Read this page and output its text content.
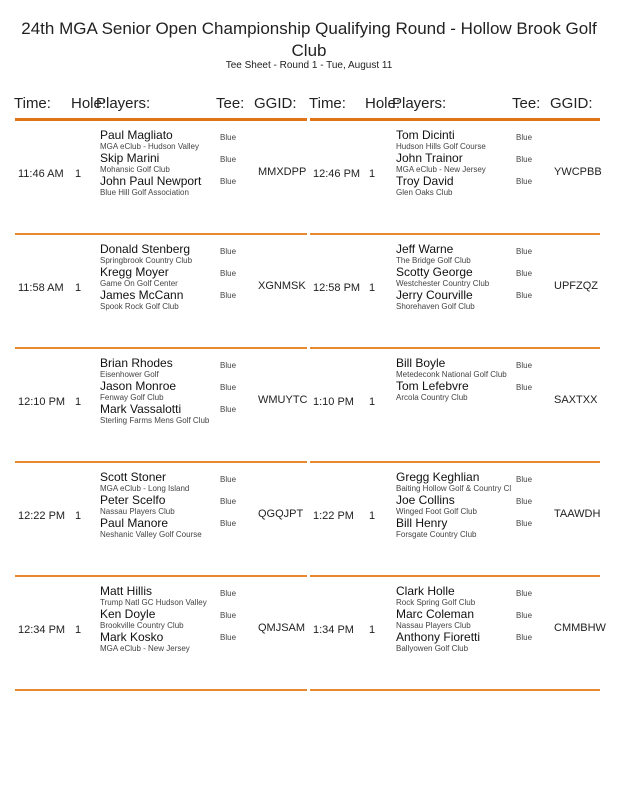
24th MGA Senior Open Championship Qualifying Round - Hollow Brook Golf Club
Tee Sheet - Round 1 - Tue, August 11
Time: Hole:
Players:	Tee: GGID:
11:46 AM 1
Paul Magliato
MGA eClub - Hudson Valley
Skip Marini
Mohansic Golf Club
John Paul Newport
Blue Hill Golf Association
Blue
Blue
Blue
MMXDPP
11:58 AM 1
Donald Stenberg
Springbrook Country Club
Kregg Moyer
Game On Golf Center
James McCann
Spook Rock Golf Club
Blue
Blue
Blue
XGNMSK
12:10 PM 1
Brian Rhodes
Eisenhower Golf
Jason Monroe
Fenway Golf Club
Mark Vassalotti
Sterling Farms Mens Golf Club
Blue
Blue
Blue
WMUYTC
12:22 PM 1
Scott Stoner
MGA eClub - Long Island
Peter Scelfo
Nassau Players Club
Paul Manore
Neshanic Valley Golf Course
Blue
Blue
Blue
QGQJPT
12:34 PM 1
Matt Hillis
Trump Natl GC Hudson Valley
Ken Doyle
Brookville Country Club
Mark Kosko
MGA eClub - New Jersey
Blue
Blue
Blue
QMJSAM
Time: Hole:
Players:	Tee: GGID:
12:46 PM 1
Tom Dicinti
Hudson Hills Golf Course
John Trainor
MGA eClub - New Jersey
Troy David
Glen Oaks Club
Blue
Blue
Blue
YWCPBB
12:58 PM 1
Jeff Warne
The Bridge Golf Club
Scotty George
Westchester Country Club
Jerry Courville
Shorehaven Golf Club
Blue
Blue
Blue
UPFZQZ
1:10 PM 1
Bill Boyle
Metedeconk National Golf Club
Tom Lefebvre
Arcola Country Club
Blue
Blue
SAXTXX
1:22 PM 1
Gregg Keghlian
Baiting Hollow Golf & Country Cl
Joe Collins
Winged Foot Golf Club
Bill Henry
Forsgate Country Club
Blue
Blue
Blue
TAAWDH
1:34 PM 1
Clark Holle
Rock Spring Golf Club
Marc Coleman
Nassau Players Club
Anthony Fioretti
Ballyowen Golf Club
Blue
Blue
Blue
CMMBHW
